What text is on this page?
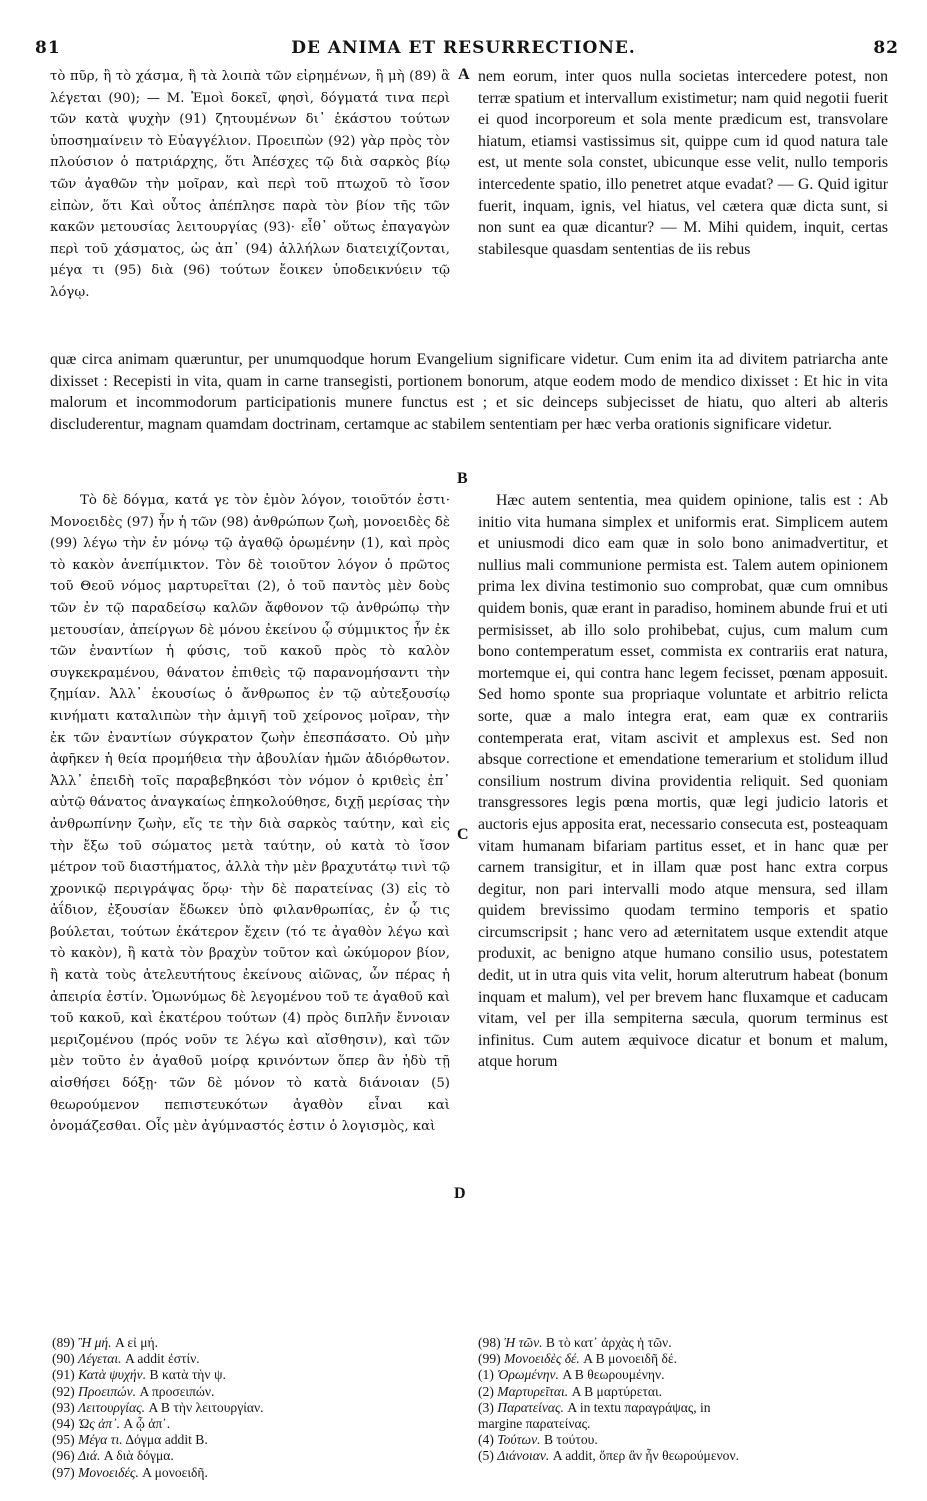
81	DE ANIMA ET RESURRECTIONE.	82

τὸ πῦρ, ἢ τὸ χάσμα, ἢ τὰ λοιπὰ τῶν εἰρημένων, ἢ μὴ (89) ἃ λέγεται (90); — Μ. Ἐμοὶ δοκεῖ, φησὶ, δόγματά τινα περὶ τῶν κατὰ ψυχὴν (91) ζητουμένων δι᾽ ἑκάστου τούτων ὑποσημαίνειν τὸ Εὐαγγέλιον. Προειπὼν (92) γὰρ πρὸς τὸν πλούσιον ὁ πατριάρχης, ὅτι Ἀπέσχες τῷ διὰ σαρκὸς βίῳ τῶν ἀγαθῶν τὴν μοῖραν, καὶ περὶ τοῦ πτωχοῦ τὸ ἴσον εἰπὼν, ὅτι Καὶ οὗτος ἀπέπλησε παρὰ τὸν βίον τῆς τῶν κακῶν μετουσίας λειτουργίας (93)· εἶθ᾽ οὕτως ἐπαγαγὼν περὶ τοῦ χάσματος, ὡς ἀπ᾽ (94) ἀλλήλων διατειχίζονται, μέγα τι (95) διὰ (96) τούτων ἔοικεν ὑποδεικνύειν τῷ λόγῳ.

A nem eorum, inter quos nulla societas intercedere potest, non terræ spatium et intervallum existimetur; nam quid negotii fuerit ei quod incorporeum et sola mente prædicum est, transvolare hiatum, etiamsi vastissimus sit, quippe cum id quod natura tale est, ut mente sola constet, ubicunque esse velit, nullo temporis intercedente spatio, illo penetret atque evadat? — G. Quid igitur fuerit, inquam, ignis, vel hiatus, vel cætera quæ dicta sunt, si non sunt ea quæ dicantur? — M. Mihi quidem, inquit, certas stabilesque quasdam sententias de iis rebus

quæ circa animam quæruntur, per unumquodque horum Evangelium significare videtur. Cum enim ita ad divitem patriarcha ante dixisset : Recepisti in vita, quam in carne transegisti, portionem bonorum, atque eodem modo de mendico dixisset : Et hic in vita malorum et incommodorum participationis munere functus est ; et sic deinceps subjecisset de hiatu, quo alteri ab alteris discluderentur, magnam quamdam doctrinam, certamque ac stabilem sententiam per hæc verba orationis significare videtur.
B

Τὸ δὲ δόγμα, κατά γε τὸν ἐμὸν λόγον, τοιοῦτόν ἐστι· Μονοειδὲς (97) ἦν ἡ τῶν (98) ἀνθρώπων ζωὴ, μονοειδὲς δὲ (99) λέγω τὴν ἐν μόνῳ τῷ ἀγαθῷ ὁρωμένην (1), καὶ πρὸς τὸ κακὸν ἀνεπίμικτον. Τὸν δὲ τοιοῦτον λόγον ὁ πρῶτος τοῦ Θεοῦ νόμος μαρτυρεῖται (2), ὁ τοῦ παντὸς μὲν δοὺς τῶν ἐν τῷ παραδείσῳ καλῶν ἄφθονον τῷ ἀνθρώπῳ τὴν μετουσίαν, ἀπείργων δὲ μόνου ἐκείνου ᾧ σύμμικτος ἦν ἐκ τῶν ἐναντίων ἡ φύσις, τοῦ κακοῦ πρὸς τὸ καλὸν συγκεκραμένου, θάνατον ἐπιθεὶς τῷ παρανομήσαντι τὴν ζημίαν. Ἀλλ᾽ ἑκουσίως ὁ ἄνθρωπος ἐν τῷ αὐτεξουσίῳ κινήματι καταλιπὼν τὴν ἀμιγῆ τοῦ χείρονος μοῖραν, τὴν ἐκ τῶν ἐναντίων σύγκρατον ζωὴν ἐπεσπάσατο. Οὐ μὴν ἀφῆκεν ἡ θεία προμήθεια τὴν ἀβουλίαν ἡμῶν ἀδιόρθωτον. Ἀλλ᾽ ἐπειδὴ τοῖς παραβεβηκόσι τὸν νόμον ὁ κριθεὶς ἐπ᾽ αὐτῷ θάνατος ἀναγκαίως ἐπηκολούθησε, διχῇ μερίσας τὴν ἀνθρωπίνην ζωὴν, εἴς τε τὴν διὰ σαρκὸς ταύτην, καὶ εἰς τὴν ἔξω τοῦ σώματος μετὰ ταύτην, οὐ κατὰ τὸ ἴσον μέτρον τοῦ διαστήματος, ἀλλὰ τὴν μὲν βραχυτάτῳ τινὶ τῷ χρονικῷ περιγράψας ὅρῳ· τὴν δὲ παρατείνας (3) εἰς τὸ ἀΐδιον, ἐξουσίαν ἔδωκεν ὑπὸ φιλανθρωπίας, ἐν ᾧ τις βούλεται, τούτων ἑκάτερον ἔχειν (τό τε ἀγαθὸν λέγω καὶ τὸ κακὸν), ἢ κατὰ τὸν βραχὺν τοῦτον καὶ ὠκύμορον βίον, ἢ κατὰ τοὺς ἀτελευτήτους ἐκείνους αἰῶνας, ὧν πέρας ἡ ἀπειρία ἐστίν. Ὁμωνύμως δὲ λεγομένου τοῦ τε ἀγαθοῦ καὶ τοῦ κακοῦ, καὶ ἑκατέρου τούτων (4) πρὸς διπλῆν ἔννοιαν μεριζομένου (πρός νοῦν τε λέγω καὶ αἴσθησιν), καὶ τῶν μὲν τοῦτο ἐν ἀγαθοῦ μοίρᾳ κρινόντων ὅπερ ἂν ἡδὺ τῇ αἰσθήσει δόξῃ· τῶν δὲ μόνον τὸ κατὰ διάνοιαν (5) θεωρούμενον πεπιστευκότων ἀγαθὸν εἶναι καὶ ὀνομάζεσθαι. Οἷς μὲν ἀγύμναστός ἐστιν ὁ λογισμὸς, καὶ

C
D

Hæc autem sententia, mea quidem opinione, talis est : Ab initio vita humana simplex et uniformis erat. Simplicem autem et uniusmodi dico eam quæ in solo bono animadvertitur, et nullius mali communione permista est. Talem autem opinionem prima lex divina testimonio suo comprobat, quæ cum omnibus quidem bonis, quæ erant in paradiso, hominem abunde frui et uti permisisset, ab illo solo prohibebat, cujus, cum malum cum bono contemperatum esset, commista ex contrariis erat natura, mortemque ei, qui contra hanc legem fecisset, pœnam apposuit. Sed homo sponte sua propriaque voluntate et arbitrio relicta sorte, quæ a malo integra erat, eam quæ ex contrariis contemperata erat, vitam ascivit et amplexus est. Sed non absque correctione et emendatione temerarium et stolidum illud consilium nostrum divina providentia reliquit. Sed quoniam transgressores legis pœna mortis, quæ legi judicio latoris et auctoris ejus apposita erat, necessario consecuta est, posteaquam vitam humanam bifariam partitus esset, et in hanc quæ per carnem transigitur, et in illam quæ post hanc extra corpus degitur, non pari intervalli modo atque mensura, sed illam quidem brevissimo quodam termino temporis et spatio circumscripsit ; hanc vero ad æternitatem usque extendit atque produxit, ac benigno atque humano consilio usus, potestatem dedit, ut in utra quis vita velit, horum alterutrum habeat (bonum inquam et malum), vel per brevem hanc fluxamque et caducam vitam, vel per illa sempiterna sæcula, quorum terminus est infinitus. Cum autem æquivoce dicatur et bonum et malum, atque horum

(89) Ἢ μή. A εἰ μή.
(90) Λέγεται. A addit ἐστίν.
(91) Κατὰ ψυχήν. B κατὰ τὴν ψ.
(92) Προειπών. A προσειπών.
(93) Λειτουργίας. A B τὴν λειτουργίαν.
(94) Ὡς ἀπ᾽. A ᾧ ἀπ᾽.
(95) Μέγα τι. Δόγμα addit B.
(96) Διά. A διὰ δόγμα.
(97) Μονοειδές. A μονοειδῆ.
(98) Ἡ τῶν. B τὸ κατ᾽ ἀρχὰς ἡ τῶν.
(99) Μονοειδὲς δέ. A B μονοειδῆ δέ.
(1) Ὁρωμένην. A B θεωρουμένην.
(2) Μαρτυρεῖται. A B μαρτύρεται.
(3) Παρατείνας. A in textu παραγράψας, in
margine παρατείνας.
(4) Τούτων. B τούτου.
(5) Διάνοιαν. A addit, ὅπερ ἂν ἦν θεωρούμενον.
